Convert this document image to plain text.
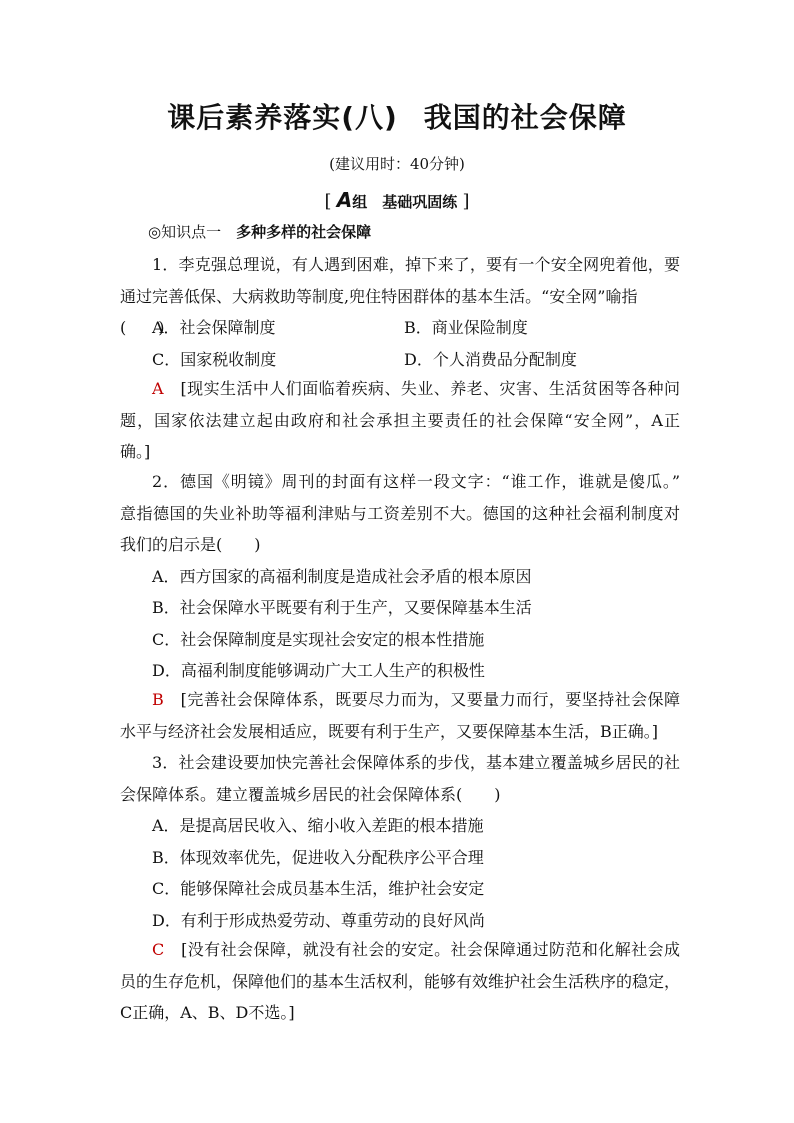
课后素养落实(八) 我国的社会保障
(建议用时：40分钟)
[ A组　基础巩固练 ]
◎知识点一　 多种多样的社会保障
1．李克强总理说，有人遇到困难，掉下来了，要有一个安全网兜着他，要
通过完善低保、大病救助等制度,兜住特困群体的基本生活。“安全网”喻指(　　)
A．社会保障制度	B．商业保险制度
C．国家税收制度	D．个人消费品分配制度
A　 [现实生活中人们面临着疾病、失业、养老、灾害、生活贫困等各种问
题，国家依法建立起由政府和社会承担主要责任的社会保障“安全网”，A正
确。]
2．德国《明镜》周刊的封面有这样一段文字：“谁工作，谁就是傻瓜。”
意指德国的失业补助等福利津贴与工资差别不大。德国的这种社会福利制度对
我们的启示是(　　)
A．西方国家的高福利制度是造成社会矛盾的根本原因
B．社会保障水平既要有利于生产，又要保障基本生活
C．社会保障制度是实现社会安定的根本性措施
D．高福利制度能够调动广大工人生产的积极性
B　 [完善社会保障体系，既要尽力而为，又要量力而行，要坚持社会保障
水平与经济社会发展相适应，既要有利于生产，又要保障基本生活，B正确。]
3．社会建设要加快完善社会保障体系的步伐，基本建立覆盖城乡居民的社
会保障体系。建立覆盖城乡居民的社会保障体系(　　)
A．是提高居民收入、缩小收入差距的根本措施
B．体现效率优先，促进收入分配秩序公平合理
C．能够保障社会成员基本生活，维护社会安定
D．有利于形成热爱劳动、尊重劳动的良好风尚
C　 [没有社会保障，就没有社会的安定。社会保障通过防范和化解社会成
员的生存危机，保障他们的基本生活权利，能够有效维护社会生活秩序的稳定，
C正确，A、B、D不选。]
